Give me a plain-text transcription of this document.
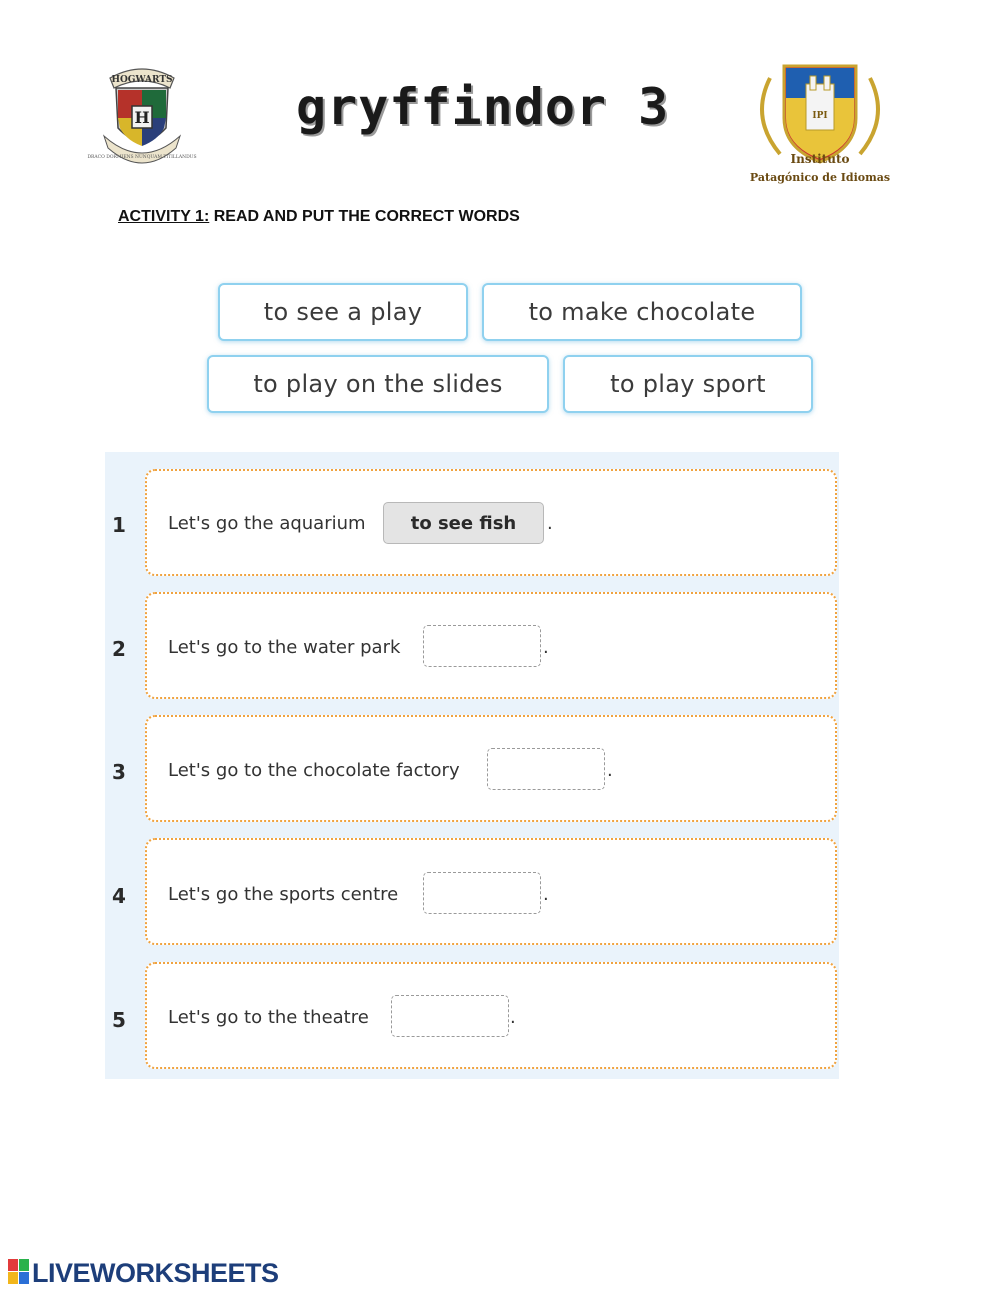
HOGWARTS
H
DRACO DORMIENS NUNQUAM TITILLANDUS
gryffindor 3	IPI
Instituto
Patagónico de Idiomas
ACTIVITY 1: READ AND PUT THE CORRECT WORDS
to see a play	to make chocolate
to play on the slides	to play sport
1 Let's go the aquarium	to see fish	.
2 Let's go to the water park	.
3 Let's go to the chocolate factory	.
4 Let's go the sports centre	.
5 Let's go to the theatre	.
LIVEWORKSHEETS
